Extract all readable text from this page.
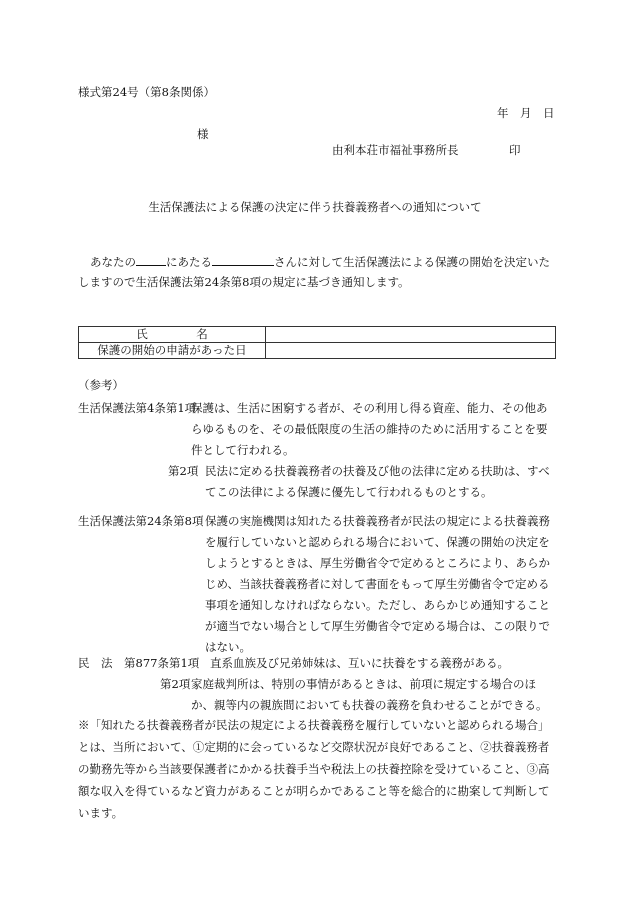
様式第24号（第8条関係）
年　月　日
様
由利本荘市福祉事務所長	印
生活保護法による保護の決定に伴う扶養義務者への通知について
あなたの	にあたる	さんに対して生活保護法による保護の開始を決定いたしますので生活保護法第24条第8項の規定に基づき通知します。
氏 名	
保護の開始の申請があった日	
（参考）
生活保護法第4条第1項
保護は、生活に困窮する者が、その利用し得る資産、能力、その他あらゆるものを、その最低限度の生活の維持のために活用することを要件として行われる。
第2項 民法に定める扶養義務者の扶養及び他の法律に定める扶助は、すべてこの法律による保護に優先して行われるものとする。
生活保護法第24条第8項 保護の実施機関は知れたる扶養義務者が民法の規定による扶養義務を履行していないと認められる場合において、保護の開始の決定をしようとするときは、厚生労働省令で定めるところにより、あらかじめ、当該扶養義務者に対して書面をもって厚生労働省令で定める事項を通知しなければならない。ただし、あらかじめ通知することが適当でない場合として厚生労働省令で定める場合は、この限りではない。
民　法　第877条第1項 直系血族及び兄弟姉妹は、互いに扶養をする義務がある。
第2項 家庭裁判所は、特別の事情があるときは、前項に規定する場合のほか、親等内の親族間においても扶養の義務を負わせることができる。
※「知れたる扶養義務者が民法の規定による扶養義務を履行していないと認められる場合」とは、当所において、①定期的に会っているなど交際状況が良好であること、②扶養義務者の勤務先等から当該要保護者にかかる扶養手当や税法上の扶養控除を受けていること、③高額な収入を得ているなど資力があることが明らかであること等を総合的に勘案して判断しています。
